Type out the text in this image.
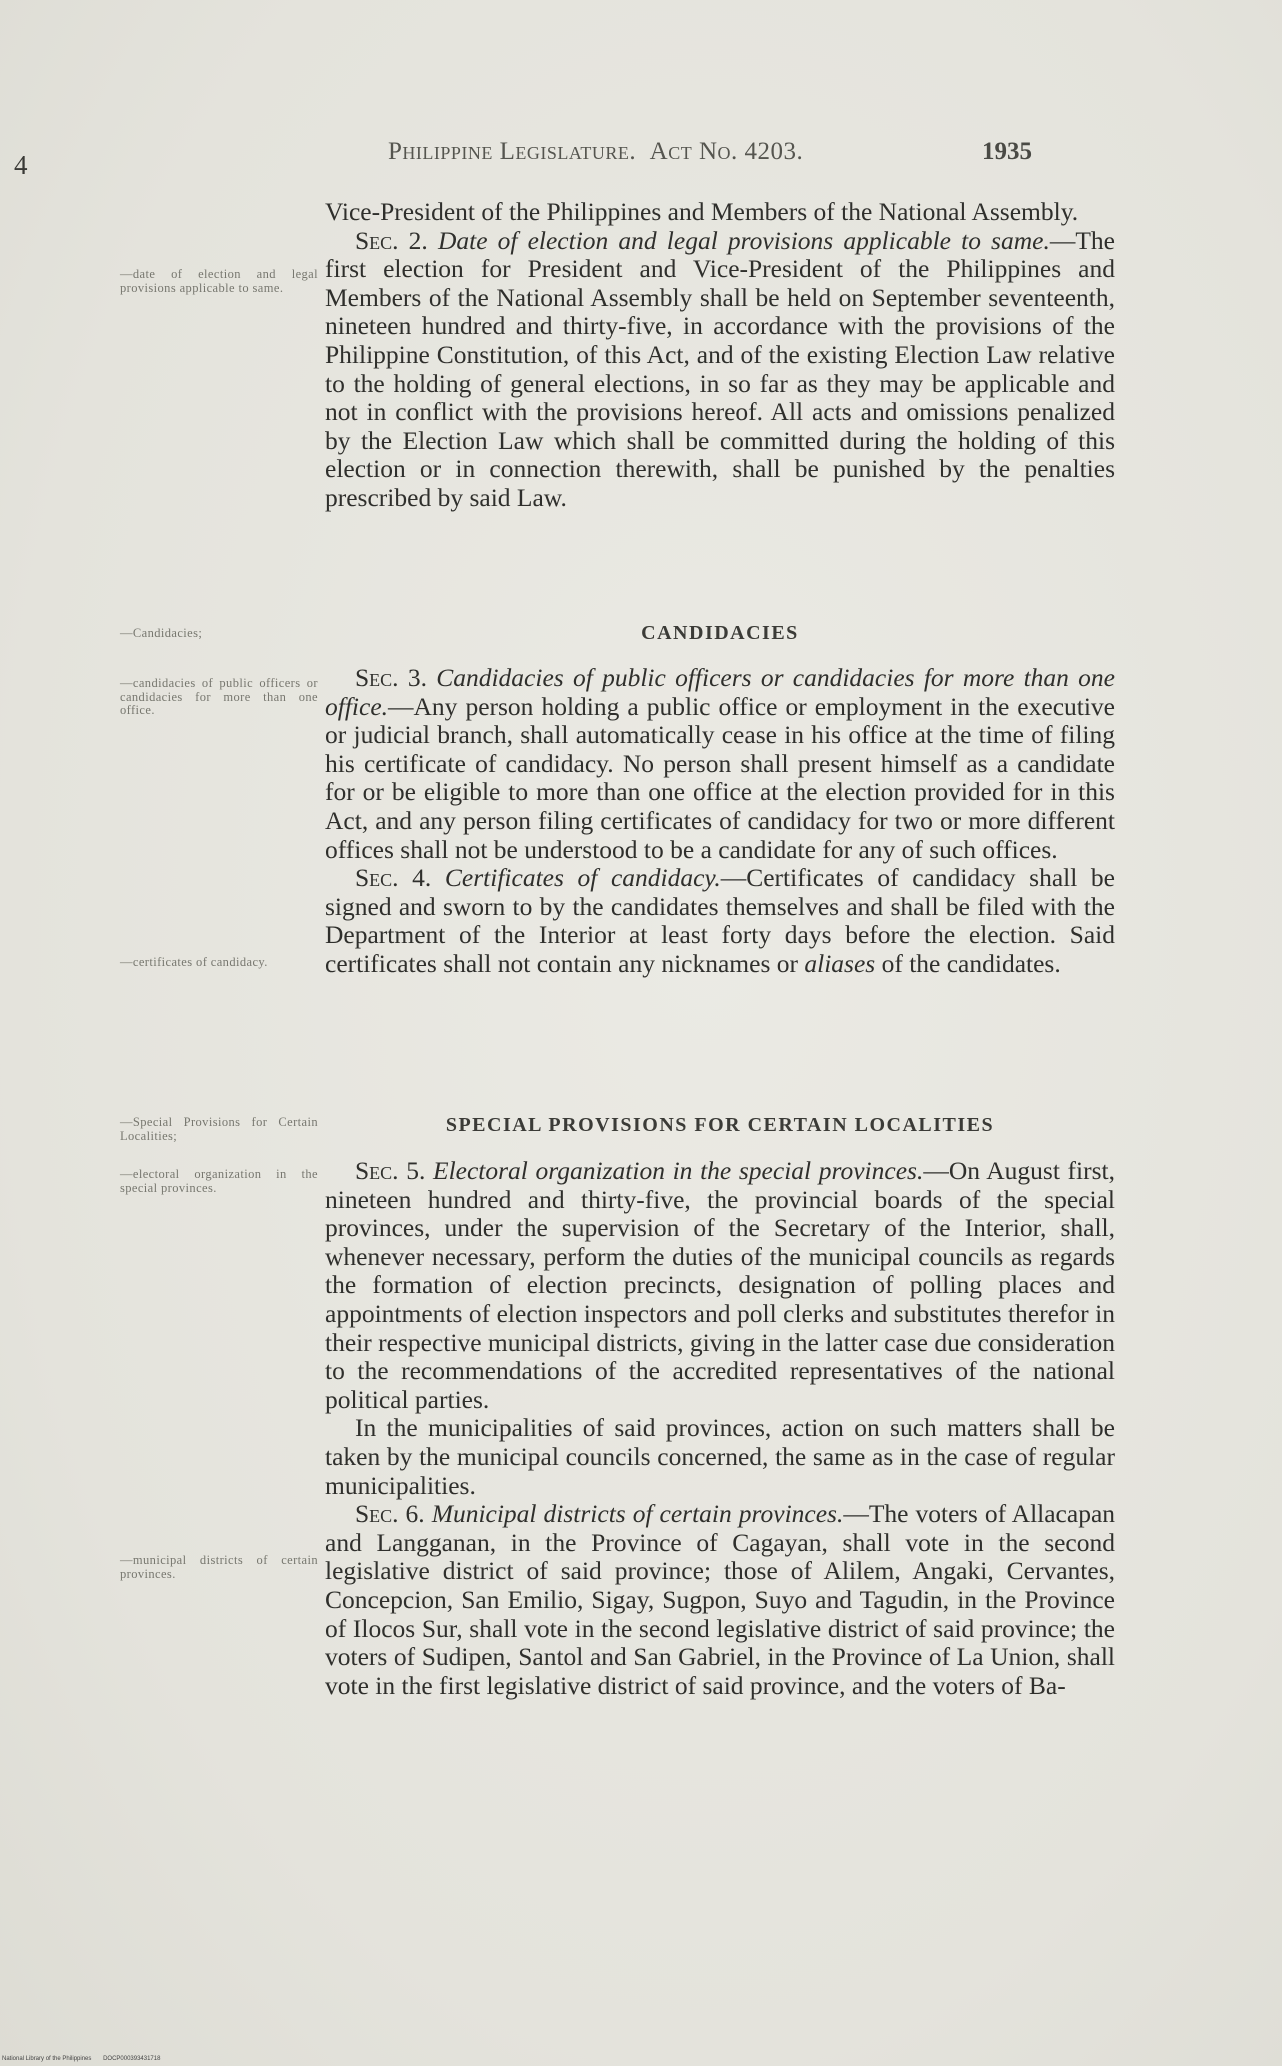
4	Philippine Legislature. Act No. 4203.	1935

Vice-President of the Philippines and Members of the National Assembly.

Sec. 2. Date of election and legal provisions applicable to same.—The first election for President and Vice-President of the Philippines and Members of the National Assembly shall be held on September seventeenth, nineteen hundred and thirty-five, in accordance with the provisions of the Philippine Constitution, of this Act, and of the existing Election Law relative to the holding of general elections, in so far as they may be applicable and not in conflict with the provisions hereof. All acts and omissions penalized by the Election Law which shall be committed during the holding of this election or in connection therewith, shall be punished by the penalties prescribed by said Law.

CANDIDACIES

Sec. 3. Candidacies of public officers or candidacies for more than one office.—Any person holding a public office or employment in the executive or judicial branch, shall automatically cease in his office at the time of filing his certificate of candidacy. No person shall present himself as a candidate for or be eligible to more than one office at the election provided for in this Act, and any person filing certificates of candidacy for two or more different offices shall not be understood to be a candidate for any of such offices.

Sec. 4. Certificates of candidacy.—Certificates of candidacy shall be signed and sworn to by the candidates themselves and shall be filed with the Department of the Interior at least forty days before the election. Said certificates shall not contain any nicknames or aliases of the candidates.

SPECIAL PROVISIONS FOR CERTAIN LOCALITIES

Sec. 5. Electoral organization in the special provinces.—On August first, nineteen hundred and thirty-five, the provincial boards of the special provinces, under the supervision of the Secretary of the Interior, shall, whenever necessary, perform the duties of the municipal councils as regards the formation of election precincts, designation of polling places and appointments of election inspectors and poll clerks and substitutes therefor in their respective municipal districts, giving in the latter case due consideration to the recommendations of the accredited representatives of the national political parties.

In the municipalities of said provinces, action on such matters shall be taken by the municipal councils concerned, the same as in the case of regular municipalities.

Sec. 6. Municipal districts of certain provinces.—The voters of Allacapan and Langganan, in the Province of Cagayan, shall vote in the second legislative district of said province; those of Alilem, Angaki, Cervantes, Concepcion, San Emilio, Sigay, Sugpon, Suyo and Tagudin, in the Province of Ilocos Sur, shall vote in the second legislative district of said province; the voters of Sudipen, Santol and San Gabriel, in the Province of La Union, shall vote in the first legislative district of said province, and the voters of Ba-

—date of election and legal provisions applicable to same.
—Candidacies;
—candidacies of public officers or candidacies for more than one office.
—certificates of candidacy.
—Special Provisions for Certain Localities;
—electoral organization in the special provinces.
—municipal districts of certain provinces.
National Library of the Philippines DOCP000393431718
